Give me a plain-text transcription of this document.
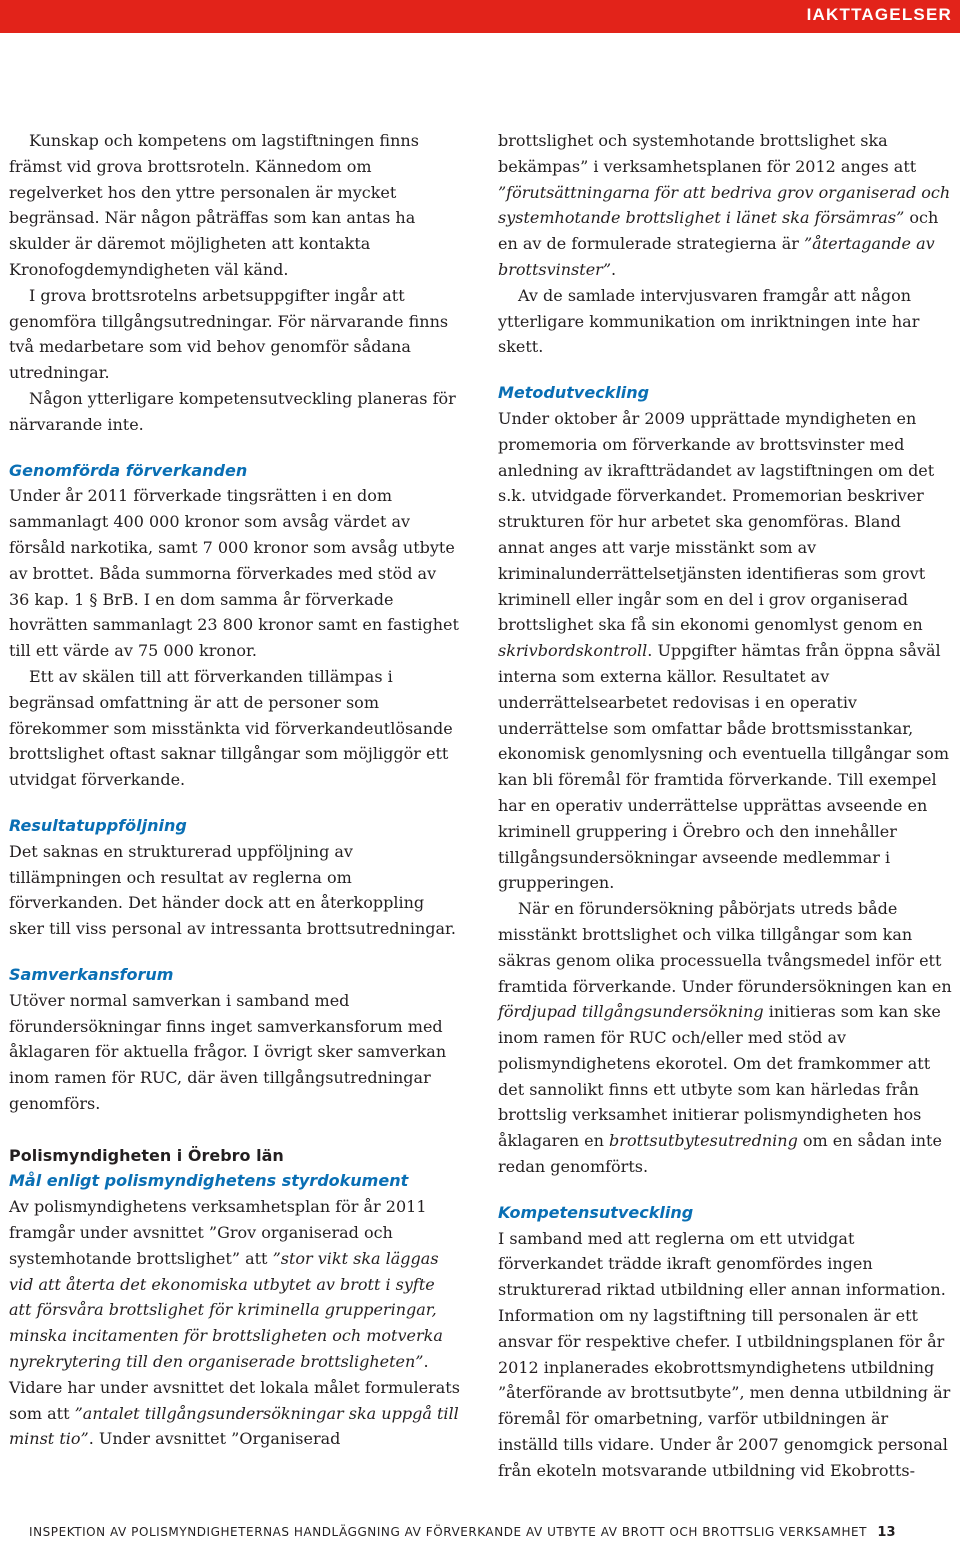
IAKTTAGELSER

Kunskap och kompetens om lagstiftningen finns främst vid grova brottsroteln. Kännedom om regelverket hos den yttre personalen är mycket begränsad. När någon påträffas som kan antas ha skulder är däremot möjligheten att kontakta Kronofogdemyndigheten väl känd.

I grova brottsrotelns arbetsuppgifter ingår att genomföra tillgångsutredningar. För närvarande finns två medarbetare som vid behov genomför sådana utredningar.

Någon ytterligare kompetensutveckling planeras för närvarande inte.

Genomförda förverkanden

Under år 2011 förverkade tingsrätten i en dom sammanlagt 400 000 kronor som avsåg värdet av försåld narkotika, samt 7 000 kronor som avsåg utbyte av brottet. Båda summorna förverkades med stöd av 36 kap. 1 § BrB. I en dom samma år förverkade hovrätten sammanlagt 23 800 kronor samt en fastighet till ett värde av 75 000 kronor.

Ett av skälen till att förverkanden tillämpas i begränsad omfattning är att de personer som förekommer som misstänkta vid förverkandeutlösande brottslighet oftast saknar tillgångar som möjliggör ett utvidgat förverkande.

Resultatuppföljning

Det saknas en strukturerad uppföljning av tillämpningen och resultat av reglerna om förverkanden. Det händer dock att en återkoppling sker till viss personal av intressanta brottsutredningar.

Samverkansforum

Utöver normal samverkan i samband med förundersökningar finns inget samverkansforum med åklagaren för aktuella frågor. I övrigt sker samverkan inom ramen för RUC, där även tillgångsutredningar genomförs.

Polismyndigheten i Örebro län
Mål enligt polismyndighetens styrdokument

Av polismyndighetens verksamhetsplan för år 2011 framgår under avsnittet ”Grov organiserad och systemhotande brottslighet” att ”stor vikt ska läggas vid att återta det ekonomiska utbytet av brott i syfte att försvåra brottslighet för kriminella grupperingar, minska incitamenten för brottsligheten och motverka nyrekrytering till den organiserade brottsligheten”. Vidare har under avsnittet det lokala målet formulerats som att ”antalet tillgångsundersökningar ska uppgå till minst tio”. Under avsnittet ”Organiserad

brottslighet och systemhotande brottslighet ska bekämpas” i verksamhetsplanen för 2012 anges att ”förutsättningarna för att bedriva grov organiserad och systemhotande brottslighet i länet ska försämras” och en av de formulerade strategierna är ”återtagande av brottsvinster”.

Av de samlade intervjusvaren framgår att någon ytterligare kommunikation om inriktningen inte har skett.

Metodutveckling

Under oktober år 2009 upprättade myndigheten en promemoria om förverkande av brottsvinster med anledning av ikraftträdandet av lagstiftningen om det s.k. utvidgade förverkandet. Promemorian beskriver strukturen för hur arbetet ska genomföras. Bland annat anges att varje misstänkt som av kriminalunderrättelsetjänsten identifieras som grovt kriminell eller ingår som en del i grov organiserad brottslighet ska få sin ekonomi genomlyst genom en skrivbordskontroll. Uppgifter hämtas från öppna såväl interna som externa källor. Resultatet av underrättelsearbetet redovisas i en operativ underrättelse som omfattar både brottsmisstankar, ekonomisk genomlysning och eventuella tillgångar som kan bli föremål för framtida förverkande. Till exempel har en operativ underrättelse upprättas avseende en kriminell gruppering i Örebro och den innehåller tillgångsundersökningar avseende medlemmar i grupperingen.

När en förundersökning påbörjats utreds både misstänkt brottslighet och vilka tillgångar som kan säkras genom olika processuella tvångsmedel inför ett framtida förverkande. Under förundersökningen kan en fördjupad tillgångsundersökning initieras som kan ske inom ramen för RUC och/eller med stöd av polismyndighetens ekorotel. Om det framkommer att det sannolikt finns ett utbyte som kan härledas från brottslig verksamhet initierar polismyndigheten hos åklagaren en brottsutbytesutredning om en sådan inte redan genomförts.

Kompetensutveckling

I samband med att reglerna om ett utvidgat förverkandet trädde ikraft genomfördes ingen strukturerad riktad utbildning eller annan information. Information om ny lagstiftning till personalen är ett ansvar för respektive chefer. I utbildningsplanen för år 2012 inplanerades ekobrottsmyndighetens utbildning ”återförande av brottsutbyte”, men denna utbildning är föremål för omarbetning, varför utbildningen är inställd tills vidare. Under år 2007 genomgick personal från ekoteln motsvarande utbildning vid Ekobrotts-

INSPEKTION AV POLISMYNDIGHETERNAS HANDLÄGGNING AV FÖRVERKANDE AV UTBYTE AV BROTT OCH BROTTSLIG VERKSAMHET 13
